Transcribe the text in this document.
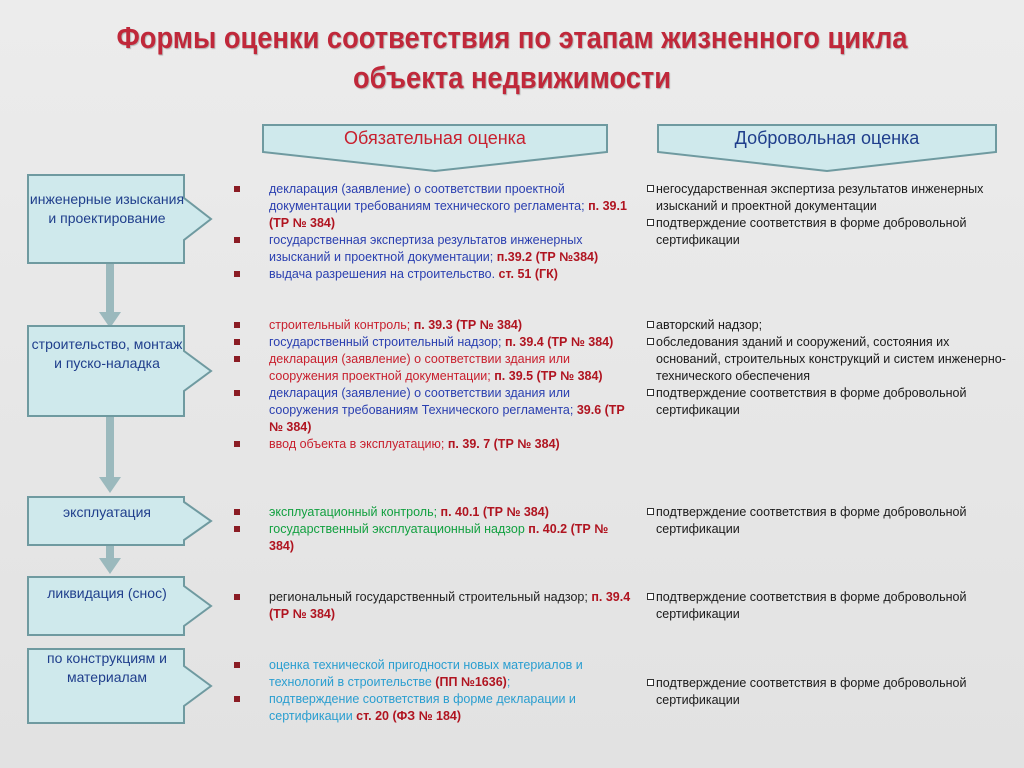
Формы оценки соответствия по этапам жизненного цикла
объекта недвижимости
Обязательная оценка	Добровольная оценка
инженерные изыскания и проектирование
строительство, монтаж и пуско-наладка
эксплуатация
ликвидация (снос)
по конструкциям и материалам
декларация (заявление) о соответствии проектной документации требованиям технического регламента; п. 39.1 (ТР № 384)
государственная экспертиза результатов инженерных изысканий и проектной документации; п.39.2 (ТР №384)
выдача разрешения на строительство. ст. 51 (ГК)
строительный контроль; п. 39.3 (ТР № 384)
государственный строительный надзор; п. 39.4 (ТР № 384)
декларация (заявление) о соответствии здания или сооружения проектной документации; п. 39.5 (ТР № 384)
декларация (заявление) о соответствии здания или сооружения требованиям Технического регламента; 39.6 (ТР № 384)
ввод объекта в эксплуатацию; п. 39. 7 (ТР № 384)
эксплуатационный контроль; п. 40.1 (ТР № 384)
государственный эксплуатационный надзор п. 40.2 (ТР № 384)
региональный государственный строительный надзор; п. 39.4 (ТР № 384)
оценка технической пригодности новых материалов и технологий в строительстве (ПП №1636);
подтверждение соответствия в форме декларации и сертификации ст. 20 (ФЗ № 184)
негосударственная экспертиза результатов инженерных изысканий и проектной документации
подтверждение соответствия в форме добровольной сертификации
авторский надзор;
обследования зданий и сооружений, состояния их оснований, строительных конструкций и систем инженерно-технического обеспечения
подтверждение соответствия в форме добровольной сертификации
подтверждение соответствия в форме добровольной сертификации
подтверждение соответствия в форме добровольной сертификации
подтверждение соответствия в форме добровольной сертификации
